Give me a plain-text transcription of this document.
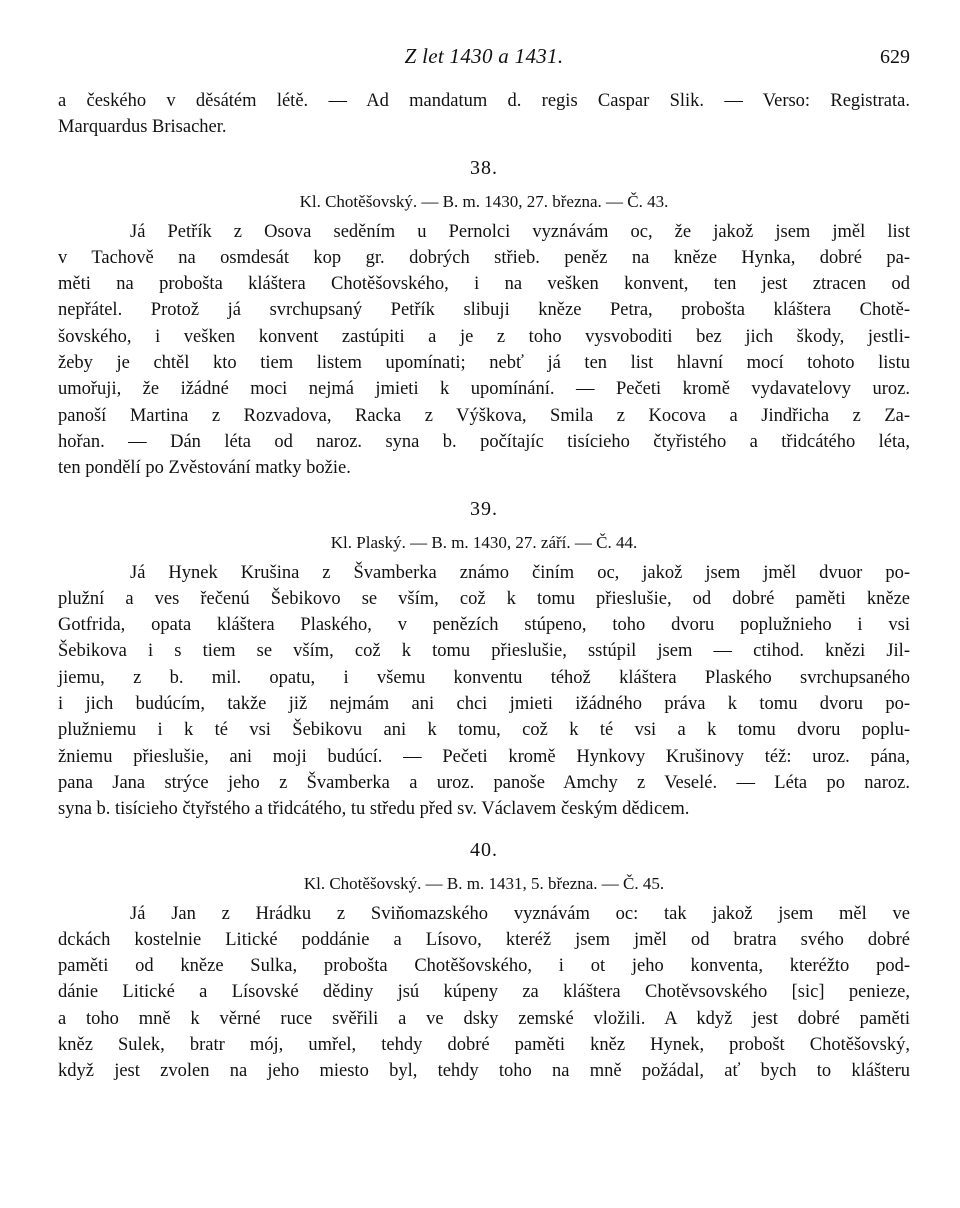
Z let 1430 a 1431.	629
a českého v děsátém létě. — Ad mandatum d. regis Caspar Slik. — Verso: Registrata.
Marquardus Brisacher.
38.
Kl. Chotěšovský. — B. m. 1430, 27. března. — Č. 43.
Já Petřík z Osova seděním u Pernolci vyznávám oc, že jakož jsem jměl list
v Tachově na osmdesát kop gr. dobrých střieb. peněz na kněze Hynka, dobré pa-
měti na probošta kláštera Chotěšovského, i na vešken konvent, ten jest ztracen od
nepřátel. Protož já svrchupsaný Petřík slibuji kněze Petra, probošta kláštera Chotě-
šovského, i vešken konvent zastúpiti a je z toho vysvoboditi bez jich škody, jestli-
žeby je chtěl kto tiem listem upomínati; nebť já ten list hlavní mocí tohoto listu
umořuji, že ižádné moci nejmá jmieti k upomínání. — Pečeti kromě vydavatelovy uroz.
panoší Martina z Rozvadova, Racka z Výškova, Smila z Kocova a Jindřicha z Za-
hořan. — Dán léta od naroz. syna b. počítajíc tisícieho čtyřistého a třidcátého léta,
ten pondělí po Zvěstování matky božie.
39.
Kl. Plaský. — B. m. 1430, 27. září. — Č. 44.
Já Hynek Krušina z Švamberka známo činím oc, jakož jsem jměl dvuor po-
plužní a ves řečenú Šebikovo se vším, což k tomu přieslušie, od dobré paměti kněze
Gotfrida, opata kláštera Plaského, v penězích stúpeno, toho dvoru poplužnieho i vsi
Šebikova i s tiem se vším, což k tomu přieslušie, sstúpil jsem — ctihod. knězi Jil-
jiemu, z b. mil. opatu, i všemu konventu téhož kláštera Plaského svrchupsaného
i jich budúcím, takže již nejmám ani chci jmieti ižádného práva k tomu dvoru po-
plužniemu i k té vsi Šebikovu ani k tomu, což k té vsi a k tomu dvoru poplu-
žniemu přieslušie, ani moji budúcí. — Pečeti kromě Hynkovy Krušinovy též: uroz. pána,
pana Jana strýce jeho z Švamberka a uroz. panoše Amchy z Veselé. — Léta po naroz.
syna b. tisícieho čtyřstého a třidcátého, tu středu před sv. Václavem českým dědicem.
40.
Kl. Chotěšovský. — B. m. 1431, 5. března. — Č. 45.
Já Jan z Hrádku z Sviňomazského vyznávám oc: tak jakož jsem měl ve
dckách kostelnie Litické poddánie a Lísovo, kteréž jsem jměl od bratra svého dobré
paměti od kněze Sulka, probošta Chotěšovského, i ot jeho konventa, kteréžto pod-
dánie Litické a Lísovské dědiny jsú kúpeny za kláštera Chotěvsovského [sic] penieze,
a toho mně k věrné ruce svěřili a ve dsky zemské vložili. A když jest dobré paměti
kněz Sulek, bratr mój, umřel, tehdy dobré paměti kněz Hynek, probošt Chotěšovský,
když jest zvolen na jeho miesto byl, tehdy toho na mně požádal, ať bych to klášteru
